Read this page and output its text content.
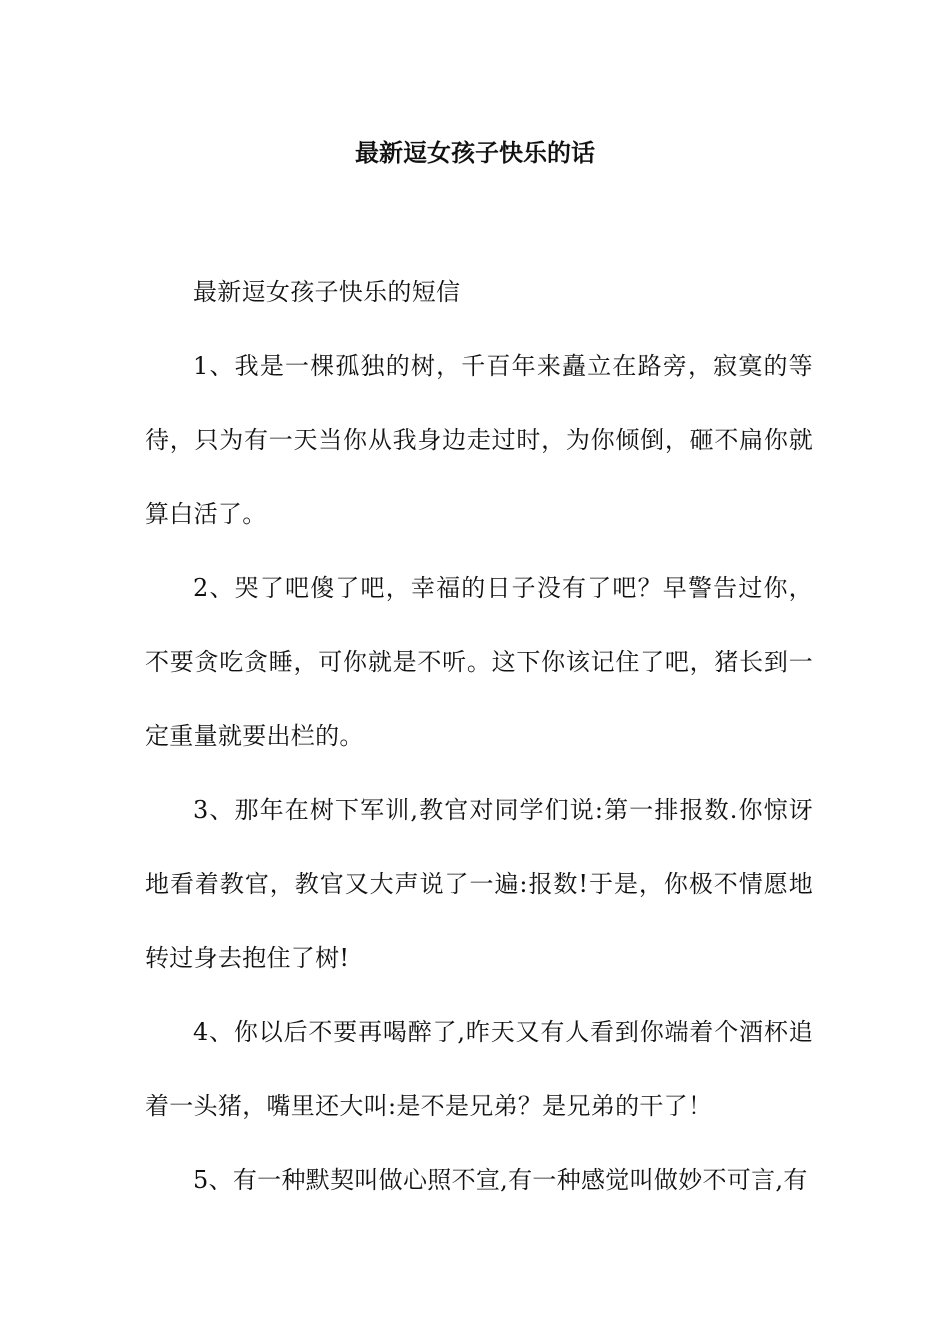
最新逗女孩子快乐的话

最新逗女孩子快乐的短信

1、我是一棵孤独的树，千百年来矗立在路旁，寂寞的等待，只为有一天当你从我身边走过时，为你倾倒，砸不扁你就算白活了。

2、哭了吧傻了吧，幸福的日子没有了吧？早警告过你，不要贪吃贪睡，可你就是不听。这下你该记住了吧，猪长到一定重量就要出栏的。

3、那年在树下军训,教官对同学们说:第一排报数.你惊讶地看着教官，教官又大声说了一遍:报数!于是，你极不情愿地转过身去抱住了树!

4、你以后不要再喝醉了,昨天又有人看到你端着个酒杯追着一头猪，嘴里还大叫:是不是兄弟？是兄弟的干了！

5、有一种默契叫做心照不宣,有一种感觉叫做妙不可言,有
